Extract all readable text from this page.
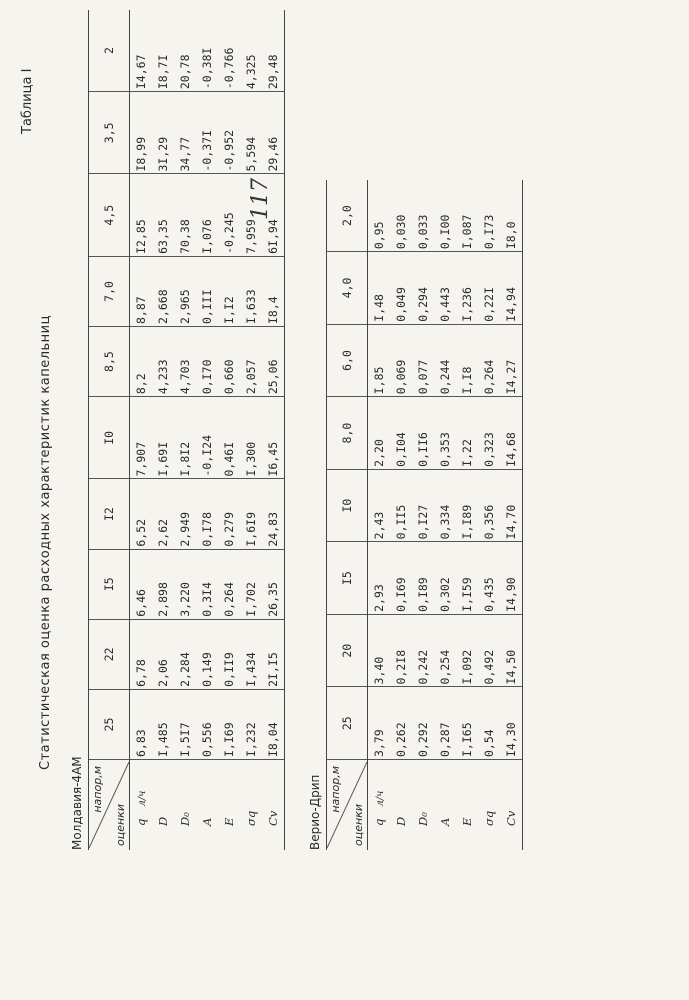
Статистическая оценка расходных характеристик капельниц
Таблица I
Молдавия-4АМ напор,м
оценки	25	22	I5	I2	I0	8,5	7,0	4,5	3,5	2
qл/ч	6,83	6,78	6,46	6,52	7,907	8,2	8,87	I2,85	I8,99	I4,67
D	I,485	2,06	2,898	2,62	I,69I	4,233	2,668	63,35	3I,29	I8,7I
D₀	I,5I7	2,284	3,220	2,949	I,8I2	4,703	2,965	70,38	34,77	20,78
A	0,556	0,149	0,3I4	0,I78	-0,I24	0,I70	0,III	I,076	-0,37I	-0,38I
E	I,I69	0,II9	0,264	0,279	0,46I	0,660	I,I2	-0,245	-0,952	-0,766
σq	I,232	I,434	I,702	I,6I9	I,300	2,057	I,633	7,959	5,594	4,325
Cv	I8,04	2I,I5	26,35	24,83	I6,45	25,06	I8,4	6I,94	29,46	29,48
Верио-Дрип напор,м
оценки	25	20	I5	I0	8,0	6,0	4,0	2,0
qл/ч	3,79	3,40	2,93	2,43	2,20	I,85	I,48	0,95
D	0,262	0,2I8	0,I69	0,II5	0,I04	0,069	0,049	0,030
D₀	0,292	0,242	0,I89	0,I27	0,II6	0,077	0,294	0,033
A	0,287	0,254	0,302	0,334	0,353	0,244	0,443	0,I00
E	I,I65	I,092	I,I59	I,I89	I,22	I,I8	I,236	I,087
σq	0,54	0,492	0,435	0,356	0,323	0,264	0,22I	0,I73
Cv	I4,30	I4,50	I4,90	I4,70	I4,68	I4,27	I4,94	I8,0
117
